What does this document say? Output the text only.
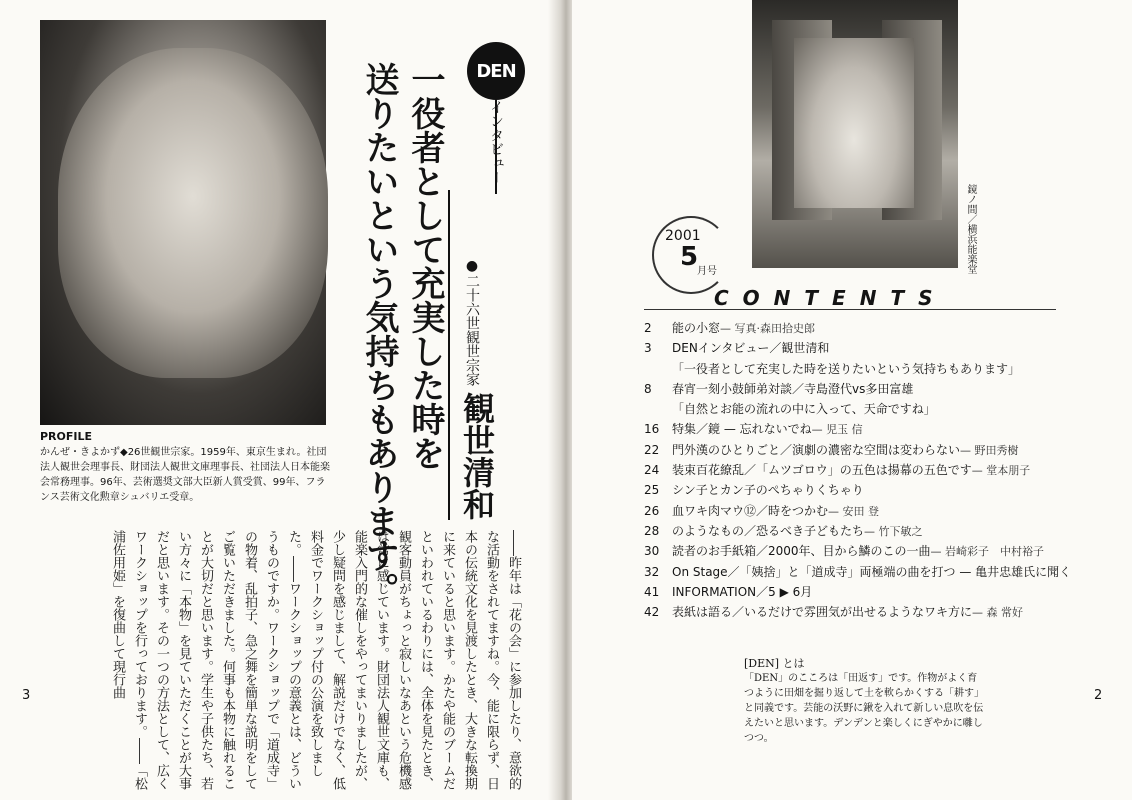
PROFILE
かんぜ・きよかず◆26世観世宗家。1959年、東京生まれ。社団法人観世会理事長、財団法人観世文庫理事長、社団法人日本能楽会常務理事。96年、芸術選奨文部大臣新人賞受賞、99年、フランス芸術文化勲章シュバリエ受章。
DEN
インタビュー
一役者として充実した時を
送りたいという気持ちもあります。	●二十六世観世宗家
観世清和
――昨年は「花の会」に参加したり、意欲的な活動をされてますね。今、能に限らず、日本の伝統文化を見渡したとき、大きな転換期に来ていると思います。かたや能のブームだといわれているわりには、全体を見たとき、観客動員がちょっと寂しいなあという危機感は常に感じています。財団法人観世文庫も、能楽入門的な催しをやってまいりましたが、少し疑問を感じまして、解説だけでなく、低料金でワークショップ付の公演を致しました。――ワークショップの意義とは、どういうものですか。ワークショップで「道成寺」の物着、乱拍子、急之舞を簡単な説明をしてご覧いただきました。何事も本物に触れることが大切だと思います。学生や子供たち、若い方々に「本物」を見ていただくことが大事だと思います。その一つの方法として、広くワークショップを行っております。――「松浦佐用姫」を復曲して現行曲
3
鏡ノ間／横浜能楽堂
2001
5
月号
CONTENTS
2	能の小窓— 写真·森田拾史郎
3	DENインタビュー／観世清和
「一役者として充実した時を送りたいという気持ちもあります」
8	春宵一刻小鼓師弟対談／寺島澄代vs多田富雄
「自然とお能の流れの中に入って、天命ですね」
16	特集／鏡 — 忘れないでね— 児玉 信
22	門外漢のひとりごと／演劇の濃密な空間は変わらない— 野田秀樹
24	装束百花繚乱／「ムツゴロウ」の五色は揚幕の五色です— 堂本朋子
25	シン子とカン子のぺちゃりくちゃり
26	血ワキ肉マウ⑫／時をつかむ— 安田 登
28	のようなもの／恐るべき子どもたち— 竹下敏之
30	読者のお手紙箱／2000年、目から鱗のこの一曲— 岩崎彩子　中村裕子
32	On Stage／「姨捨」と「道成寺」両極端の曲を打つ — 亀井忠雄氏に聞く
41	INFORMATION／5 ▶ 6月
42	表紙は語る／いるだけで雰囲気が出せるようなワキ方に— 森 常好
[DEN] とは
「DEN」のこころは「田返す」です。作物がよく育つように田畑を掘り返して土を軟らかくする「耕す」と同義です。芸能の沃野に鍬を入れて新しい息吹を伝えたいと思います。デンデンと楽しくにぎやかに囃しつつ。
2
